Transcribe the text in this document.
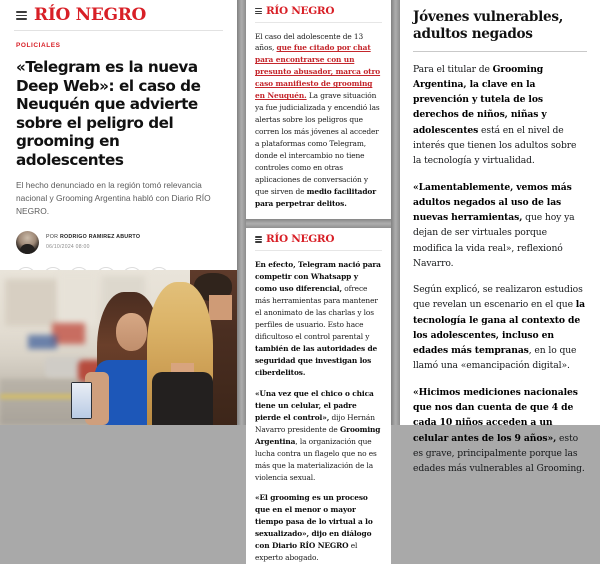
RÍO NEGRO
POLICIALES
«Telegram es la nueva Deep Web»: el caso de Neuquén que advierte sobre el peligro del grooming en adolescentes

El hecho denunciado en la región tomó relevancia nacional y Grooming Argentina habló con Diario RÍO NEGRO.

POR RODRIGO RAMIREZ ABURTO
06/10/2024 08:00
RÍO NEGRO

El caso del adolescente de 13 años, que fue citado por chat para encontrarse con un presunto abusador, marca otro caso manifiesto de grooming en Neuquén. La grave situación ya fue judicializada y encendió las alertas sobre los peligros que corren los más jóvenes al acceder a plataformas como Telegram, donde el intercambio no tiene controles como en otras aplicaciones de conversación y que sirven de medio facilitador para perpetrar delitos.

RÍO NEGRO

En efecto, Telegram nació para competir con Whatsapp y como uso diferencial, ofrece más herramientas para mantener el anonimato de las charlas y los perfiles de usuario. Esto hace dificultoso el control parental y también de las autoridades de seguridad que investigan los ciberdelitos.

«Una vez que el chico o chica tiene un celular, el padre pierde el control», dijo Hernán Navarro presidente de Grooming Argentina, la organización que lucha contra un flagelo que no es más que la materialización de la violencia sexual.

«El grooming es un proceso que en el menor o mayor tiempo pasa de lo virtual a lo sexualizado», dijo en diálogo con Diario RÍO NEGRO el experto abogado.

Jóvenes vulnerables, adultos negados

Para el titular de Grooming Argentina, la clave en la prevención y tutela de los derechos de niños, niñas y adolescentes está en el nivel de interés que tienen los adultos sobre la tecnología y virtualidad.

«Lamentablemente, vemos más adultos negados al uso de las nuevas herramientas, que hoy ya dejan de ser virtuales porque modifica la vida real», reflexionó Navarro.

Según explicó, se realizaron estudios que revelan un escenario en el que la tecnología le gana al contexto de los adolescentes, incluso en edades más tempranas, en lo que llamó una «emancipación digital».

«Hicimos mediciones nacionales que nos dan cuenta de que 4 de cada 10 niños acceden a un celular antes de los 9 años», esto es grave, principalmente porque las edades más vulnerables al Grooming.
